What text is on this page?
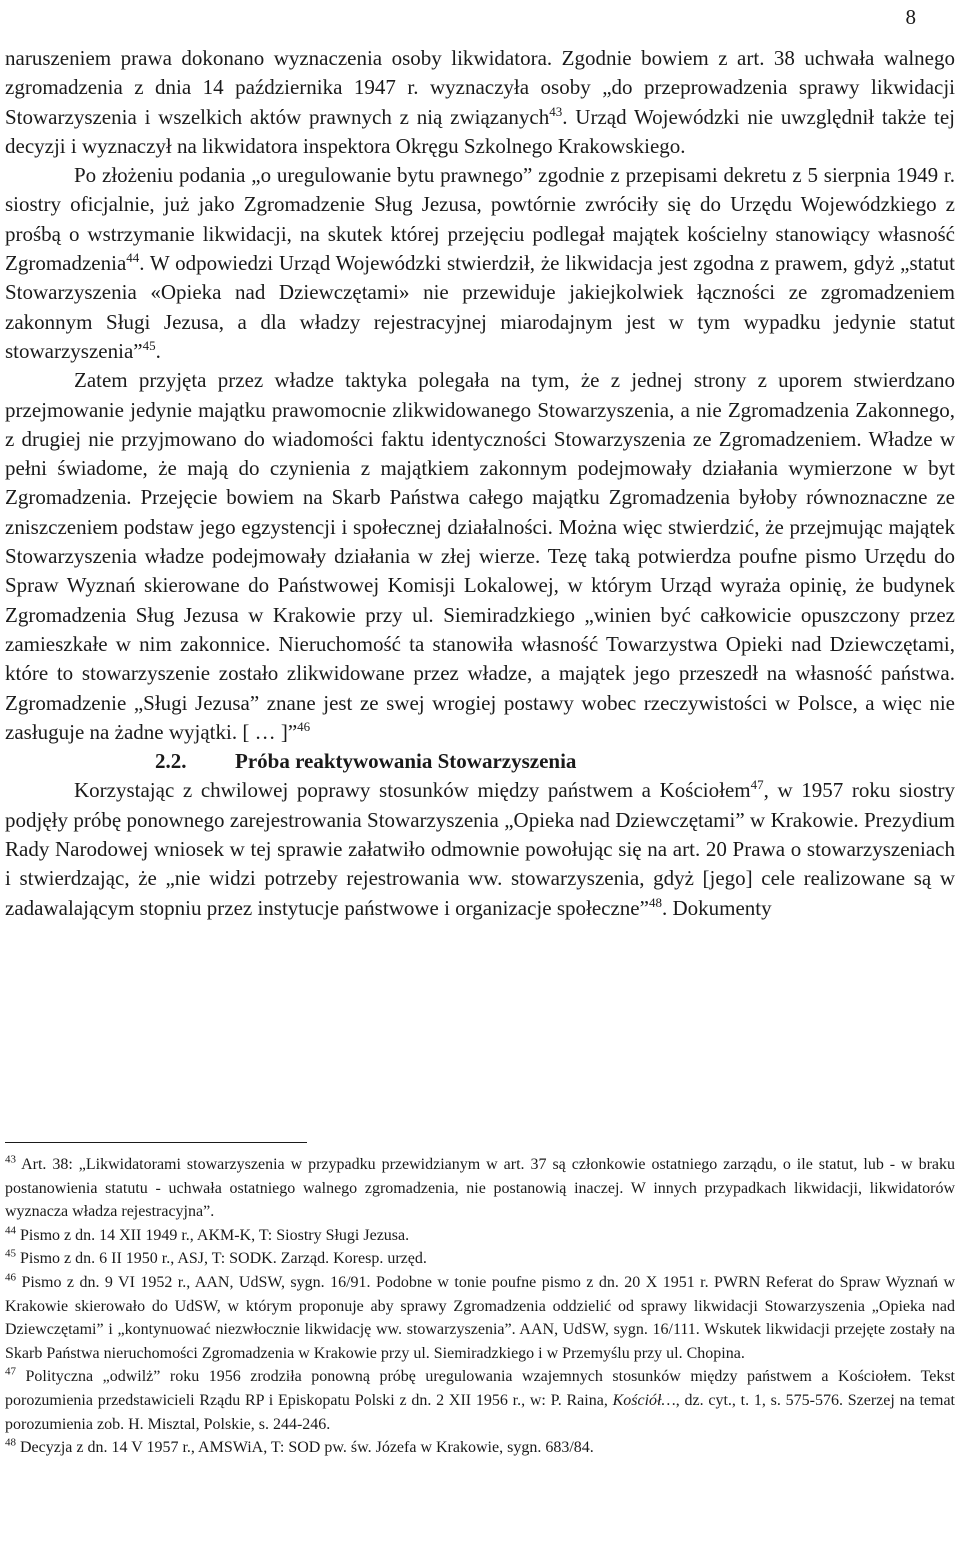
8

naruszeniem prawa dokonano wyznaczenia osoby likwidatora. Zgodnie bowiem z art. 38 uchwała walnego zgromadzenia z dnia 14 października 1947 r. wyznaczyła osoby „do przeprowadzenia sprawy likwidacji Stowarzyszenia i wszelkich aktów prawnych z nią związanych$^{43}$. Urząd Wojewódzki nie uwzględnił także tej decyzji i wyznaczył na likwidatora inspektora Okręgu Szkolnego Krakowskiego.

Po złożeniu podania „o uregulowanie bytu prawnego” zgodnie z przepisami dekretu z 5 sierpnia 1949 r. siostry oficjalnie, już jako Zgromadzenie Sług Jezusa, powtórnie zwróciły się do Urzędu Wojewódzkiego z prośbą o wstrzymanie likwidacji, na skutek której przejęciu podlegał majątek kościelny stanowiący własność Zgromadzenia$^{44}$. W odpowiedzi Urząd Wojewódzki stwierdził, że likwidacja jest zgodna z prawem, gdyż „statut Stowarzyszenia «Opieka nad Dziewczętami» nie przewiduje jakiejkolwiek łączności ze zgromadzeniem zakonnym Sługi Jezusa, a dla władzy rejestracyjnej miarodajnym jest w tym wypadku jedynie statut stowarzyszenia”$^{45}$.

Zatem przyjęta przez władze taktyka polegała na tym, że z jednej strony z uporem stwierdzano przejmowanie jedynie majątku prawomocnie zlikwidowanego Stowarzyszenia, a nie Zgromadzenia Zakonnego, z drugiej nie przyjmowano do wiadomości faktu identyczności Stowarzyszenia ze Zgromadzeniem. Władze w pełni świadome, że mają do czynienia z majątkiem zakonnym podejmowały działania wymierzone w byt Zgromadzenia. Przejęcie bowiem na Skarb Państwa całego majątku Zgromadzenia byłoby równoznaczne ze zniszczeniem podstaw jego egzystencji i społecznej działalności. Można więc stwierdzić, że przejmując majątek Stowarzyszenia władze podejmowały działania w złej wierze. Tezę taką potwierdza poufne pismo Urzędu do Spraw Wyznań skierowane do Państwowej Komisji Lokalowej, w którym Urząd wyraża opinię, że budynek Zgromadzenia Sług Jezusa w Krakowie przy ul. Siemiradzkiego „winien być całkowicie opuszczony przez zamieszkałe w nim zakonnice. Nieruchomość ta stanowiła własność Towarzystwa Opieki nad Dziewczętami, które to stowarzyszenie zostało zlikwidowane przez władze, a majątek jego przeszedł na własność państwa. Zgromadzenie „Sługi Jezusa” znane jest ze swej wrogiej postawy wobec rzeczywistości w Polsce, a więc nie zasługuje na żadne wyjątki. [ … ]”$^{46}$

2.2. Próba reaktywowania Stowarzyszenia

Korzystając z chwilowej poprawy stosunków między państwem a Kościołem$^{47}$, w 1957 roku siostry podjęły próbę ponownego zarejestrowania Stowarzyszenia „Opieka nad Dziewczętami” w Krakowie. Prezydium Rady Narodowej wniosek w tej sprawie załatwiło odmownie powołując się na art. 20 Prawa o stowarzyszeniach i stwierdzając, że „nie widzi potrzeby rejestrowania ww. stowarzyszenia, gdyż [jego] cele realizowane są w zadawalającym stopniu przez instytucje państwowe i organizacje społeczne”$^{48}$. Dokumenty

$^{43}$ Art. 38: „Likwidatorami stowarzyszenia w przypadku przewidzianym w art. 37 są członkowie ostatniego zarządu, o ile statut, lub - w braku postanowienia statutu - uchwała ostatniego walnego zgromadzenia, nie postanowią inaczej. W innych przypadkach likwidacji, likwidatorów wyznacza władza rejestracyjna”.

$^{44}$ Pismo z dn. 14 XII 1949 r., AKM-K, T: Siostry Sługi Jezusa.

$^{45}$ Pismo z dn. 6 II 1950 r., ASJ, T: SODK. Zarząd. Koresp. urzęd.

$^{46}$ Pismo z dn. 9 VI 1952 r., AAN, UdSW, sygn. 16/91. Podobne w tonie poufne pismo z dn. 20 X 1951 r. PWRN Referat do Spraw Wyznań w Krakowie skierowało do UdSW, w którym proponuje aby sprawy Zgromadzenia oddzielić od sprawy likwidacji Stowarzyszenia „Opieka nad Dziewczętami” i „kontynuować niezwłocznie likwidację ww. stowarzyszenia”. AAN, UdSW, sygn. 16/111. Wskutek likwidacji przejęte zostały na Skarb Państwa nieruchomości Zgromadzenia w Krakowie przy ul. Siemiradzkiego i w Przemyślu przy ul. Chopina.

$^{47}$ Polityczna „odwilż” roku 1956 zrodziła ponowną próbę uregulowania wzajemnych stosunków między państwem a Kościołem. Tekst porozumienia przedstawicieli Rządu RP i Episkopatu Polski z dn. 2 XII 1956 r., w: P. Raina, Kościół…, dz. cyt., t. 1, s. 575-576. Szerzej na temat porozumienia zob. H. Misztal, Polskie, s. 244-246.

$^{48}$ Decyzja z dn. 14 V 1957 r., AMSWiA, T: SOD pw. św. Józefa w Krakowie, sygn. 683/84.
